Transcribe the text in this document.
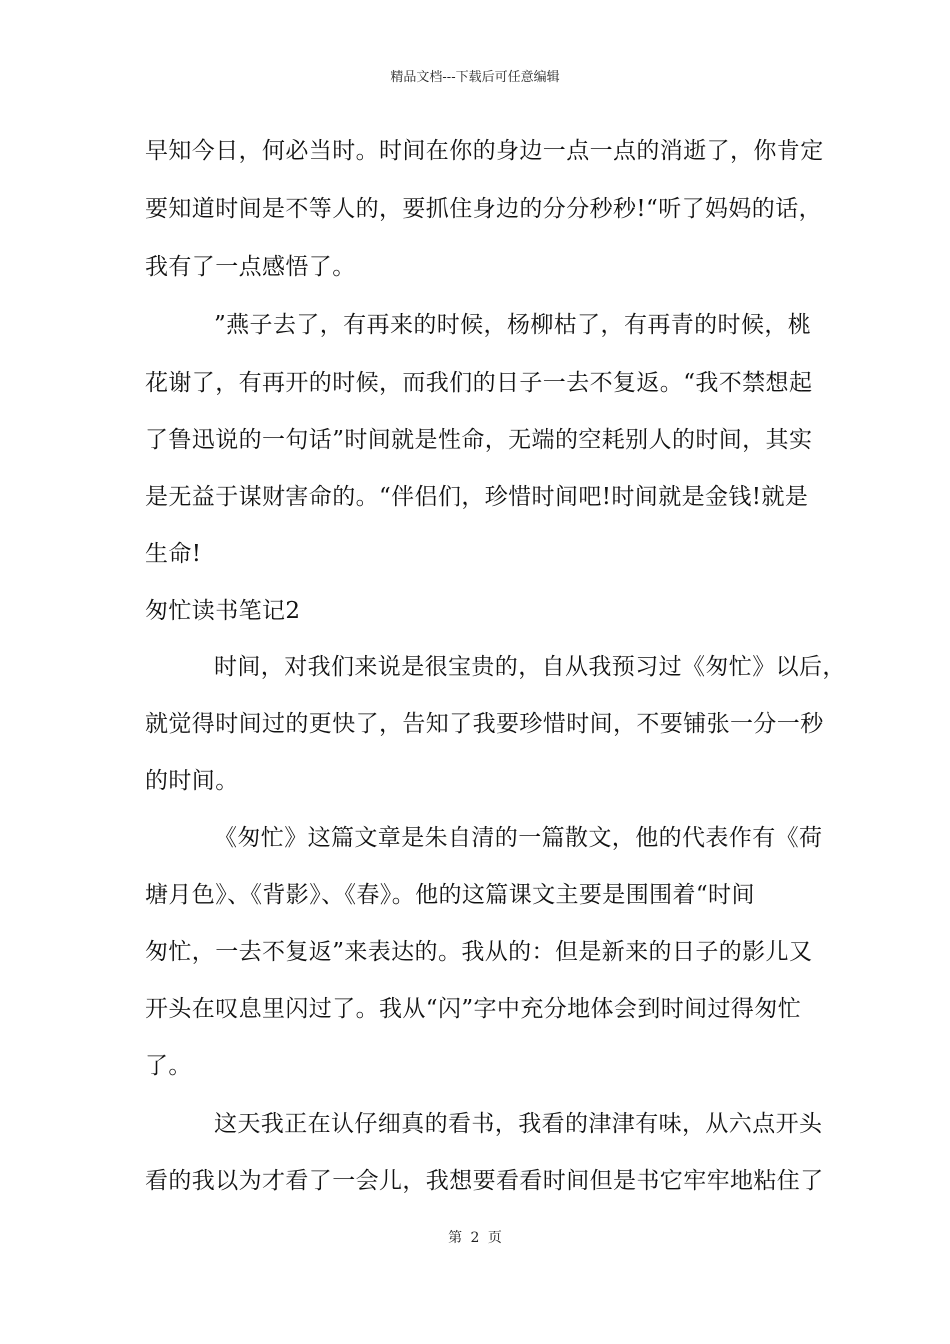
精品文档---下载后可任意编辑
早知今日，何必当时。时间在你的身边一点一点的消逝了，你肯定
要知道时间是不等人的，要抓住身边的分分秒秒!“听了妈妈的话，
我有了一点感悟了。
”燕子去了，有再来的时候，杨柳枯了，有再青的时候，桃
花谢了，有再开的时候，而我们的日子一去不复返。“我不禁想起
了鲁迅说的一句话”时间就是性命，无端的空耗别人的时间，其实
是无益于谋财害命的。“伴侣们，珍惜时间吧!时间就是金钱!就是
生命!
匆忙读书笔记2
时间，对我们来说是很宝贵的，自从我预习过《匆忙》以后，
就觉得时间过的更快了，告知了我要珍惜时间，不要铺张一分一秒
的时间。
《匆忙》这篇文章是朱自清的一篇散文，他的代表作有《荷
塘月色》、《背影》、《春》。他的这篇课文主要是围围着“时间
匆忙，一去不复返”来表达的。我从的：但是新来的日子的影儿又
开头在叹息里闪过了。我从“闪”字中充分地体会到时间过得匆忙
了。
这天我正在认仔细真的看书，我看的津津有味，从六点开头
看的我以为才看了一会儿，我想要看看时间但是书它牢牢地粘住了
第 2 页
